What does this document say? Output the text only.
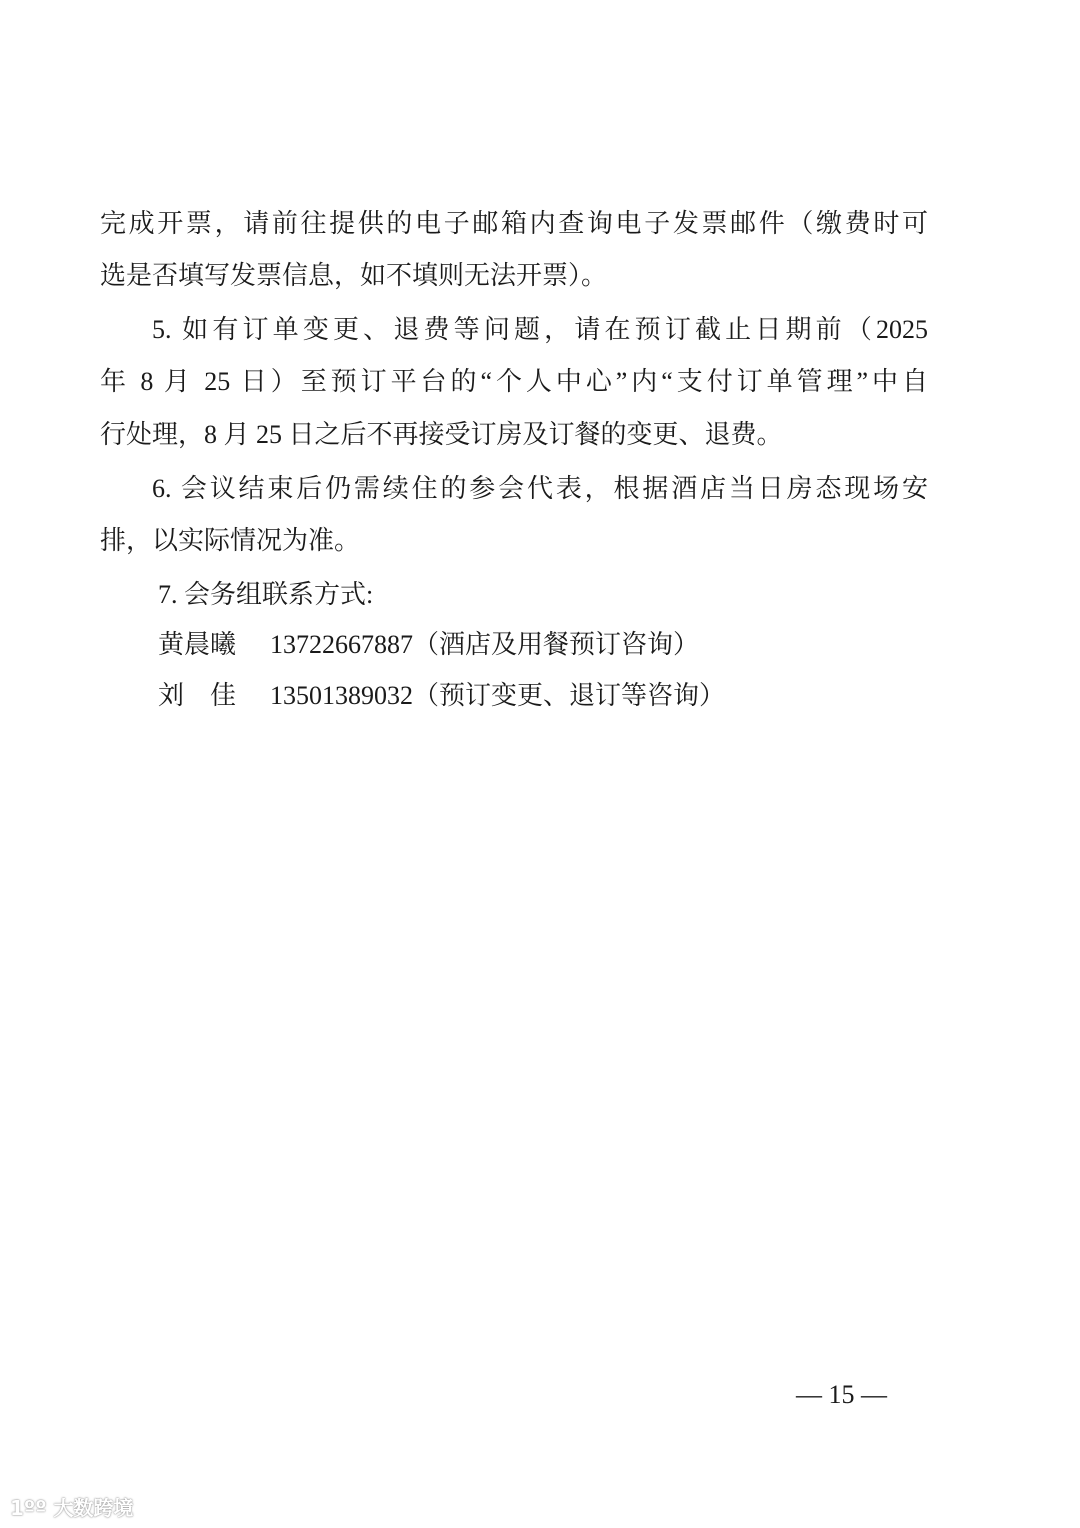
完成开票，请前往提供的电子邮箱内查询电子发票邮件（缴费时可
选是否填写发票信息，如不填则无法开票）。
5. 如有订单变更、退费等问题，请在预订截止日期前（2025
年 8 月 25 日）至预订平台的“个人中心”内“支付订单管理”中自
行处理，8 月 25 日之后不再接受订房及订餐的变更、退费。
6. 会议结束后仍需续住的参会代表，根据酒店当日房态现场安
排，以实际情况为准。
7. 会务组联系方式:
黄晨曦 13722667887（酒店及用餐预订咨询）
刘　佳 13501389032（预订变更、退订等咨询）
— 15 —
1ºº 大数跨境
